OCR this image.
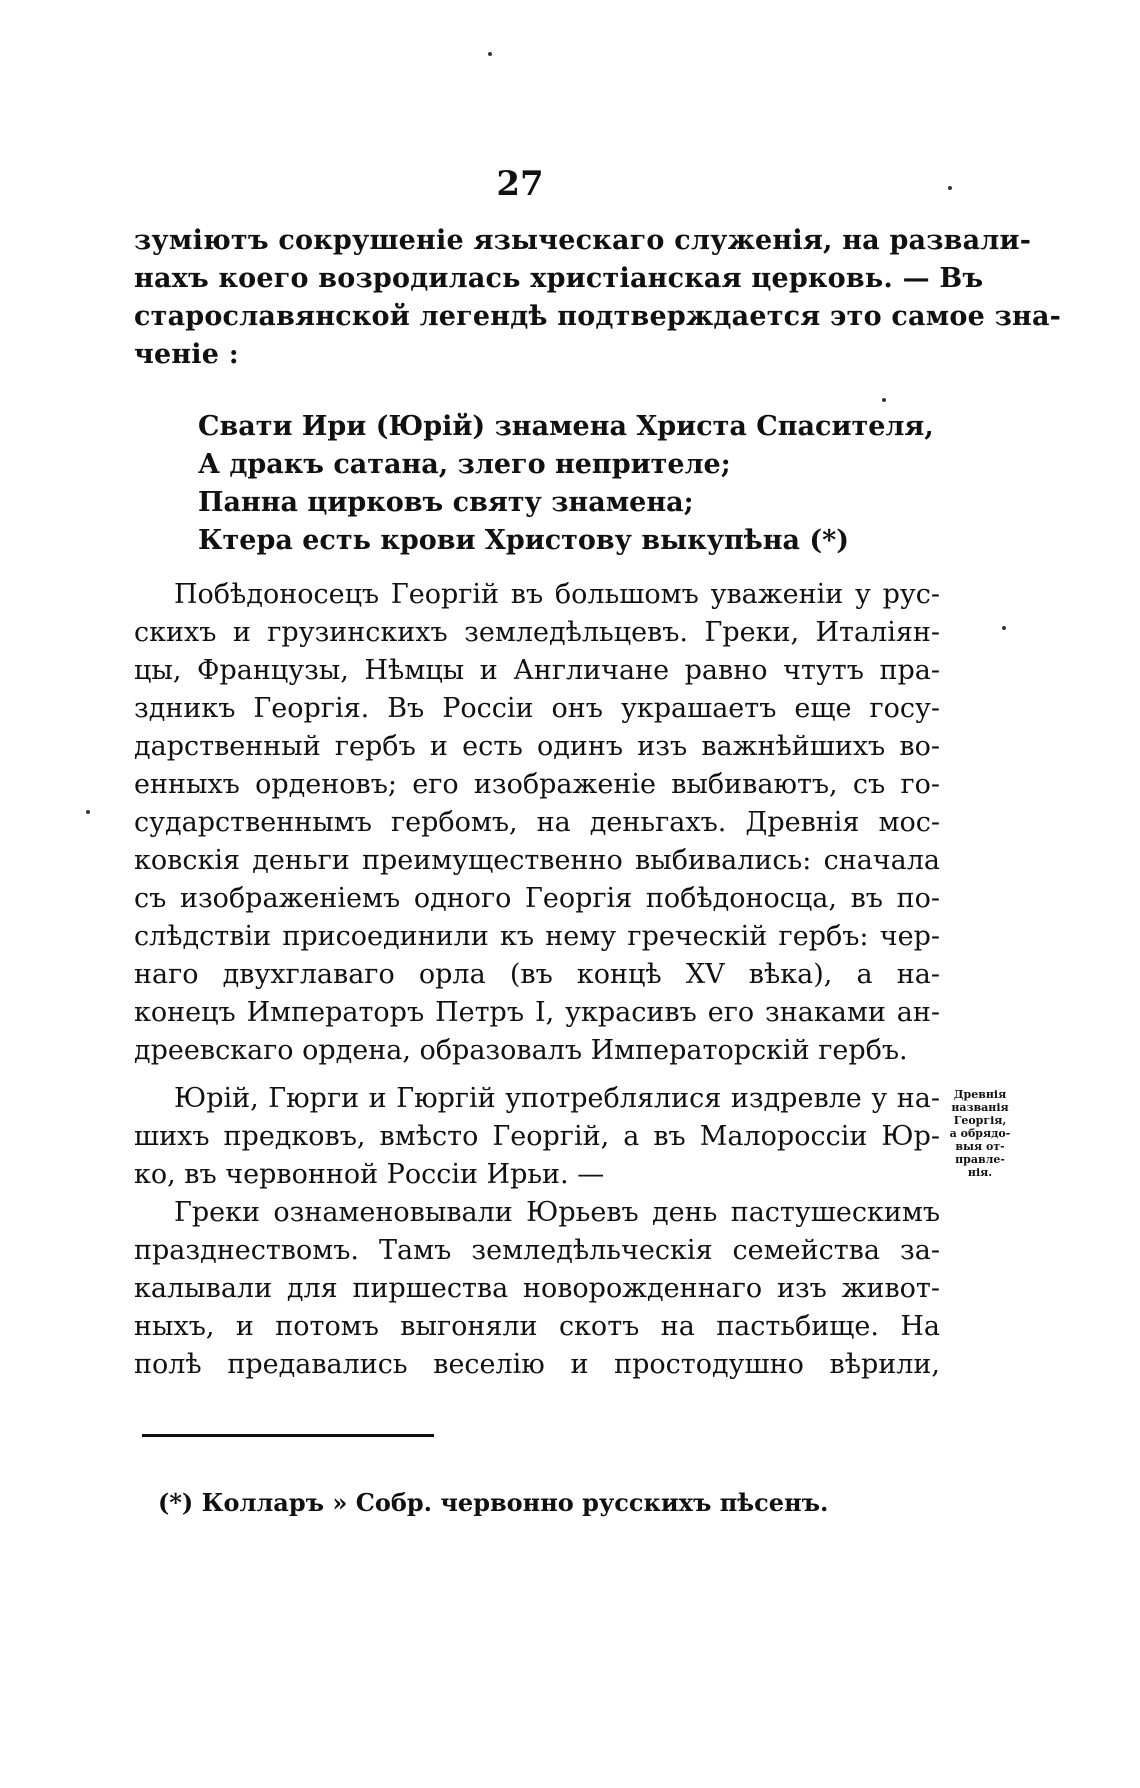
27
зуміютъ сокрушеніе языческаго служенія, на развали-
нахъ коего возродилась христіанская церковь. — Въ
старославянской легендѣ подтверждается это самое зна-
ченіе :
Свати Ири (Юрій) знамена Христа Спасителя,
А дракъ сатана, злего непрителе;
Панна цирковъ святу знамена;
Ктера есть крови Христову выкупѣна (*)
Побѣдоносецъ Георгій въ большомъ уваженіи у рус-
скихъ и грузинскихъ земледѣльцевъ. Греки, Италіян-
цы, Французы, Нѣмцы и Англичане равно чтутъ пра-
здникъ Георгія. Въ Россіи онъ украшаетъ еще госу-
дарственный гербъ и есть одинъ изъ важнѣйшихъ во-
енныхъ орденовъ; его изображеніе выбиваютъ, съ го-
сударственнымъ гербомъ, на деньгахъ. Древнія мос-
ковскія деньги преимущественно выбивались: сначала
съ изображеніемъ одного Георгія побѣдоносца, въ по-
слѣдствіи присоединили къ нему греческій гербъ: чер-
наго двухглаваго орла (въ концѣ XV вѣка), а на-
конецъ Императоръ Петръ I, украсивъ его знаками ан-
дреевскаго ордена, образовалъ Императорскій гербъ.
Юрій, Гюрги и Гюргій употреблялися издревле у на-
шихъ предковъ, вмѣсто Георгій, а въ Малороссіи Юр-
ко, въ червонной Россіи Ирьи. —
Греки ознаменовывали Юрьевъ день пастушескимъ
празднествомъ. Тамъ земледѣльческія семейства за-
калывали для пиршества новорожденнаго изъ живот-
ныхъ, и потомъ выгоняли скотъ на пастьбище. На
полѣ предавались веселію и простодушно вѣрили,
Древнія
названія
Георгія,
а обрядо-
выя от-
правле-
нія.
(*) Колларъ » Собр. червонно русскихъ пѣсенъ.
